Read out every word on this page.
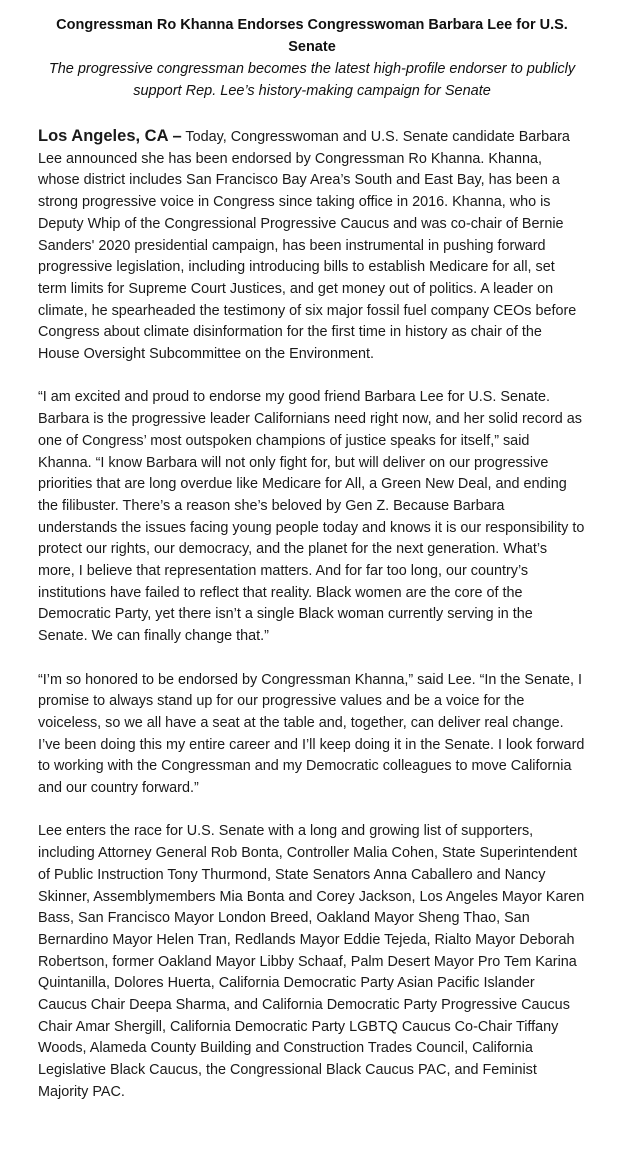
Congressman Ro Khanna Endorses Congresswoman Barbara Lee for U.S. Senate
The progressive congressman becomes the latest high-profile endorser to publicly support Rep. Lee’s history-making campaign for Senate

Los Angeles, CA – Today, Congresswoman and U.S. Senate candidate Barbara Lee announced she has been endorsed by Congressman Ro Khanna. Khanna, whose district includes San Francisco Bay Area’s South and East Bay, has been a strong progressive voice in Congress since taking office in 2016. Khanna, who is Deputy Whip of the Congressional Progressive Caucus and was co-chair of Bernie Sanders' 2020 presidential campaign, has been instrumental in pushing forward progressive legislation, including introducing bills to establish Medicare for all, set term limits for Supreme Court Justices, and get money out of politics. A leader on climate, he spearheaded the testimony of six major fossil fuel company CEOs before Congress about climate disinformation for the first time in history as chair of the House Oversight Subcommittee on the Environment.

“I am excited and proud to endorse my good friend Barbara Lee for U.S. Senate. Barbara is the progressive leader Californians need right now, and her solid record as one of Congress’ most outspoken champions of justice speaks for itself,” said Khanna. “I know Barbara will not only fight for, but will deliver on our progressive priorities that are long overdue like Medicare for All, a Green New Deal, and ending the filibuster. There’s a reason she’s beloved by Gen Z. Because Barbara understands the issues facing young people today and knows it is our responsibility to protect our rights, our democracy, and the planet for the next generation. What’s more, I believe that representation matters. And for far too long, our country’s institutions have failed to reflect that reality. Black women are the core of the Democratic Party, yet there isn’t a single Black woman currently serving in the Senate. We can finally change that.”

“I’m so honored to be endorsed by Congressman Khanna,” said Lee. “In the Senate, I promise to always stand up for our progressive values and be a voice for the voiceless, so we all have a seat at the table and, together, can deliver real change. I’ve been doing this my entire career and I’ll keep doing it in the Senate. I look forward to working with the Congressman and my Democratic colleagues to move California and our country forward.”

Lee enters the race for U.S. Senate with a long and growing list of supporters, including Attorney General Rob Bonta, Controller Malia Cohen, State Superintendent of Public Instruction Tony Thurmond, State Senators Anna Caballero and Nancy Skinner, Assemblymembers Mia Bonta and Corey Jackson, Los Angeles Mayor Karen Bass, San Francisco Mayor London Breed, Oakland Mayor Sheng Thao, San Bernardino Mayor Helen Tran, Redlands Mayor Eddie Tejeda, Rialto Mayor Deborah Robertson, former Oakland Mayor Libby Schaaf, Palm Desert Mayor Pro Tem Karina Quintanilla, Dolores Huerta, California Democratic Party Asian Pacific Islander Caucus Chair Deepa Sharma, and California Democratic Party Progressive Caucus Chair Amar Shergill, California Democratic Party LGBTQ Caucus Co-Chair Tiffany Woods, Alameda County Building and Construction Trades Council, California Legislative Black Caucus, the Congressional Black Caucus PAC, and Feminist Majority PAC.
